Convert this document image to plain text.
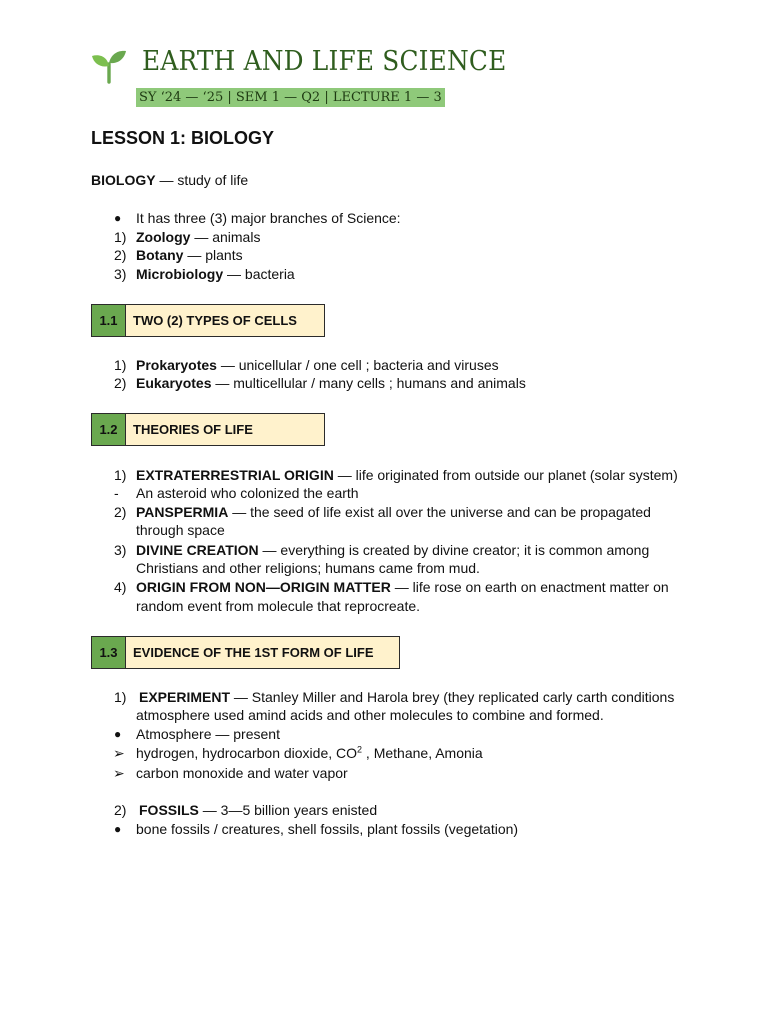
EARTH AND LIFE SCIENCE
SY ‘24 — ‘25 | SEM 1 — Q2 | LECTURE 1 — 3
LESSON 1: BIOLOGY
BIOLOGY — study of life
● It has three (3) major branches of Science:
1) Zoology — animals
2) Botany — plants
3) Microbiology — bacteria
1.1	TWO (2) TYPES OF CELLS
1) Prokaryotes — unicellular / one cell ; bacteria and viruses
2) Eukaryotes — multicellular / many cells ; humans and animals
1.2	THEORIES OF LIFE
1) EXTRATERRESTRIAL ORIGIN — life originated from outside our planet (solar system)
- An asteroid who colonized the earth
2) PANSPERMIA — the seed of life exist all over the universe and can be propagated
through space
3) DIVINE CREATION — everything is created by divine creator; it is common among
Christians and other religions; humans came from mud.
4) ORIGIN FROM NON—ORIGIN MATTER — life rose on earth on enactment matter on
random event from molecule that reprocreate.
1.3	EVIDENCE OF THE 1ST FORM OF LIFE
1) EXPERIMENT — Stanley Miller and Harola brey (they replicated carly carth conditions
atmosphere used amind acids and other molecules to combine and formed.
● Atmosphere — present
➢ hydrogen, hydrocarbon dioxide, $CO^2$ , Methane, Amonia
➢ carbon monoxide and water vapor
2) FOSSILS — 3—5 billion years enisted
● bone fossils / creatures, shell fossils, plant fossils (vegetation)
